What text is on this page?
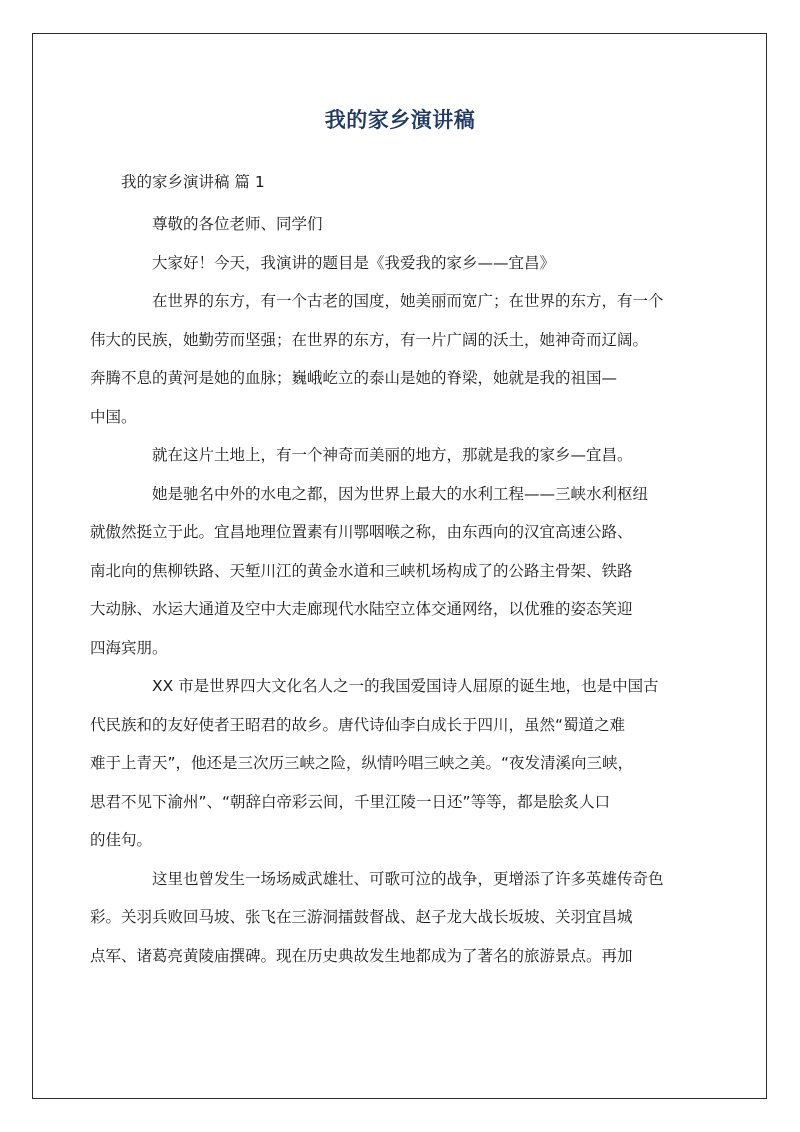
我的家乡演讲稿
我的家乡演讲稿 篇 1
尊敬的各位老师、同学们
大家好！今天，我演讲的题目是《我爱我的家乡——宜昌》
在世界的东方，有一个古老的国度，她美丽而宽广；在世界的东方，有一个
伟大的民族，她勤劳而坚强；在世界的东方，有一片广阔的沃土，她神奇而辽阔。
奔腾不息的黄河是她的血脉；巍峨屹立的泰山是她的脊梁，她就是我的祖国—
中国。
就在这片土地上，有一个神奇而美丽的地方，那就是我的家乡—宜昌。
她是驰名中外的水电之都，因为世界上最大的水利工程——三峡水利枢纽
就傲然挺立于此。宜昌地理位置素有川鄂咽喉之称，由东西向的汉宜高速公路、
南北向的焦柳铁路、天堑川江的黄金水道和三峡机场构成了的公路主骨架、铁路
大动脉、水运大通道及空中大走廊现代水陆空立体交通网络，以优雅的姿态笑迎
四海宾朋。
XX 市是世界四大文化名人之一的我国爱国诗人屈原的诞生地，也是中国古
代民族和的友好使者王昭君的故乡。唐代诗仙李白成长于四川，虽然“蜀道之难
难于上青天”，他还是三次历三峡之险，纵情吟唱三峡之美。“夜发清溪向三峡，
思君不见下渝州”、“朝辞白帝彩云间，千里江陵一日还”等等，都是脍炙人口
的佳句。
这里也曾发生一场场威武雄壮、可歌可泣的战争，更增添了许多英雄传奇色
彩。关羽兵败回马坡、张飞在三游洞擂鼓督战、赵子龙大战长坂坡、关羽宜昌城
点军、诸葛亮黄陵庙撰碑。现在历史典故发生地都成为了著名的旅游景点。再加
